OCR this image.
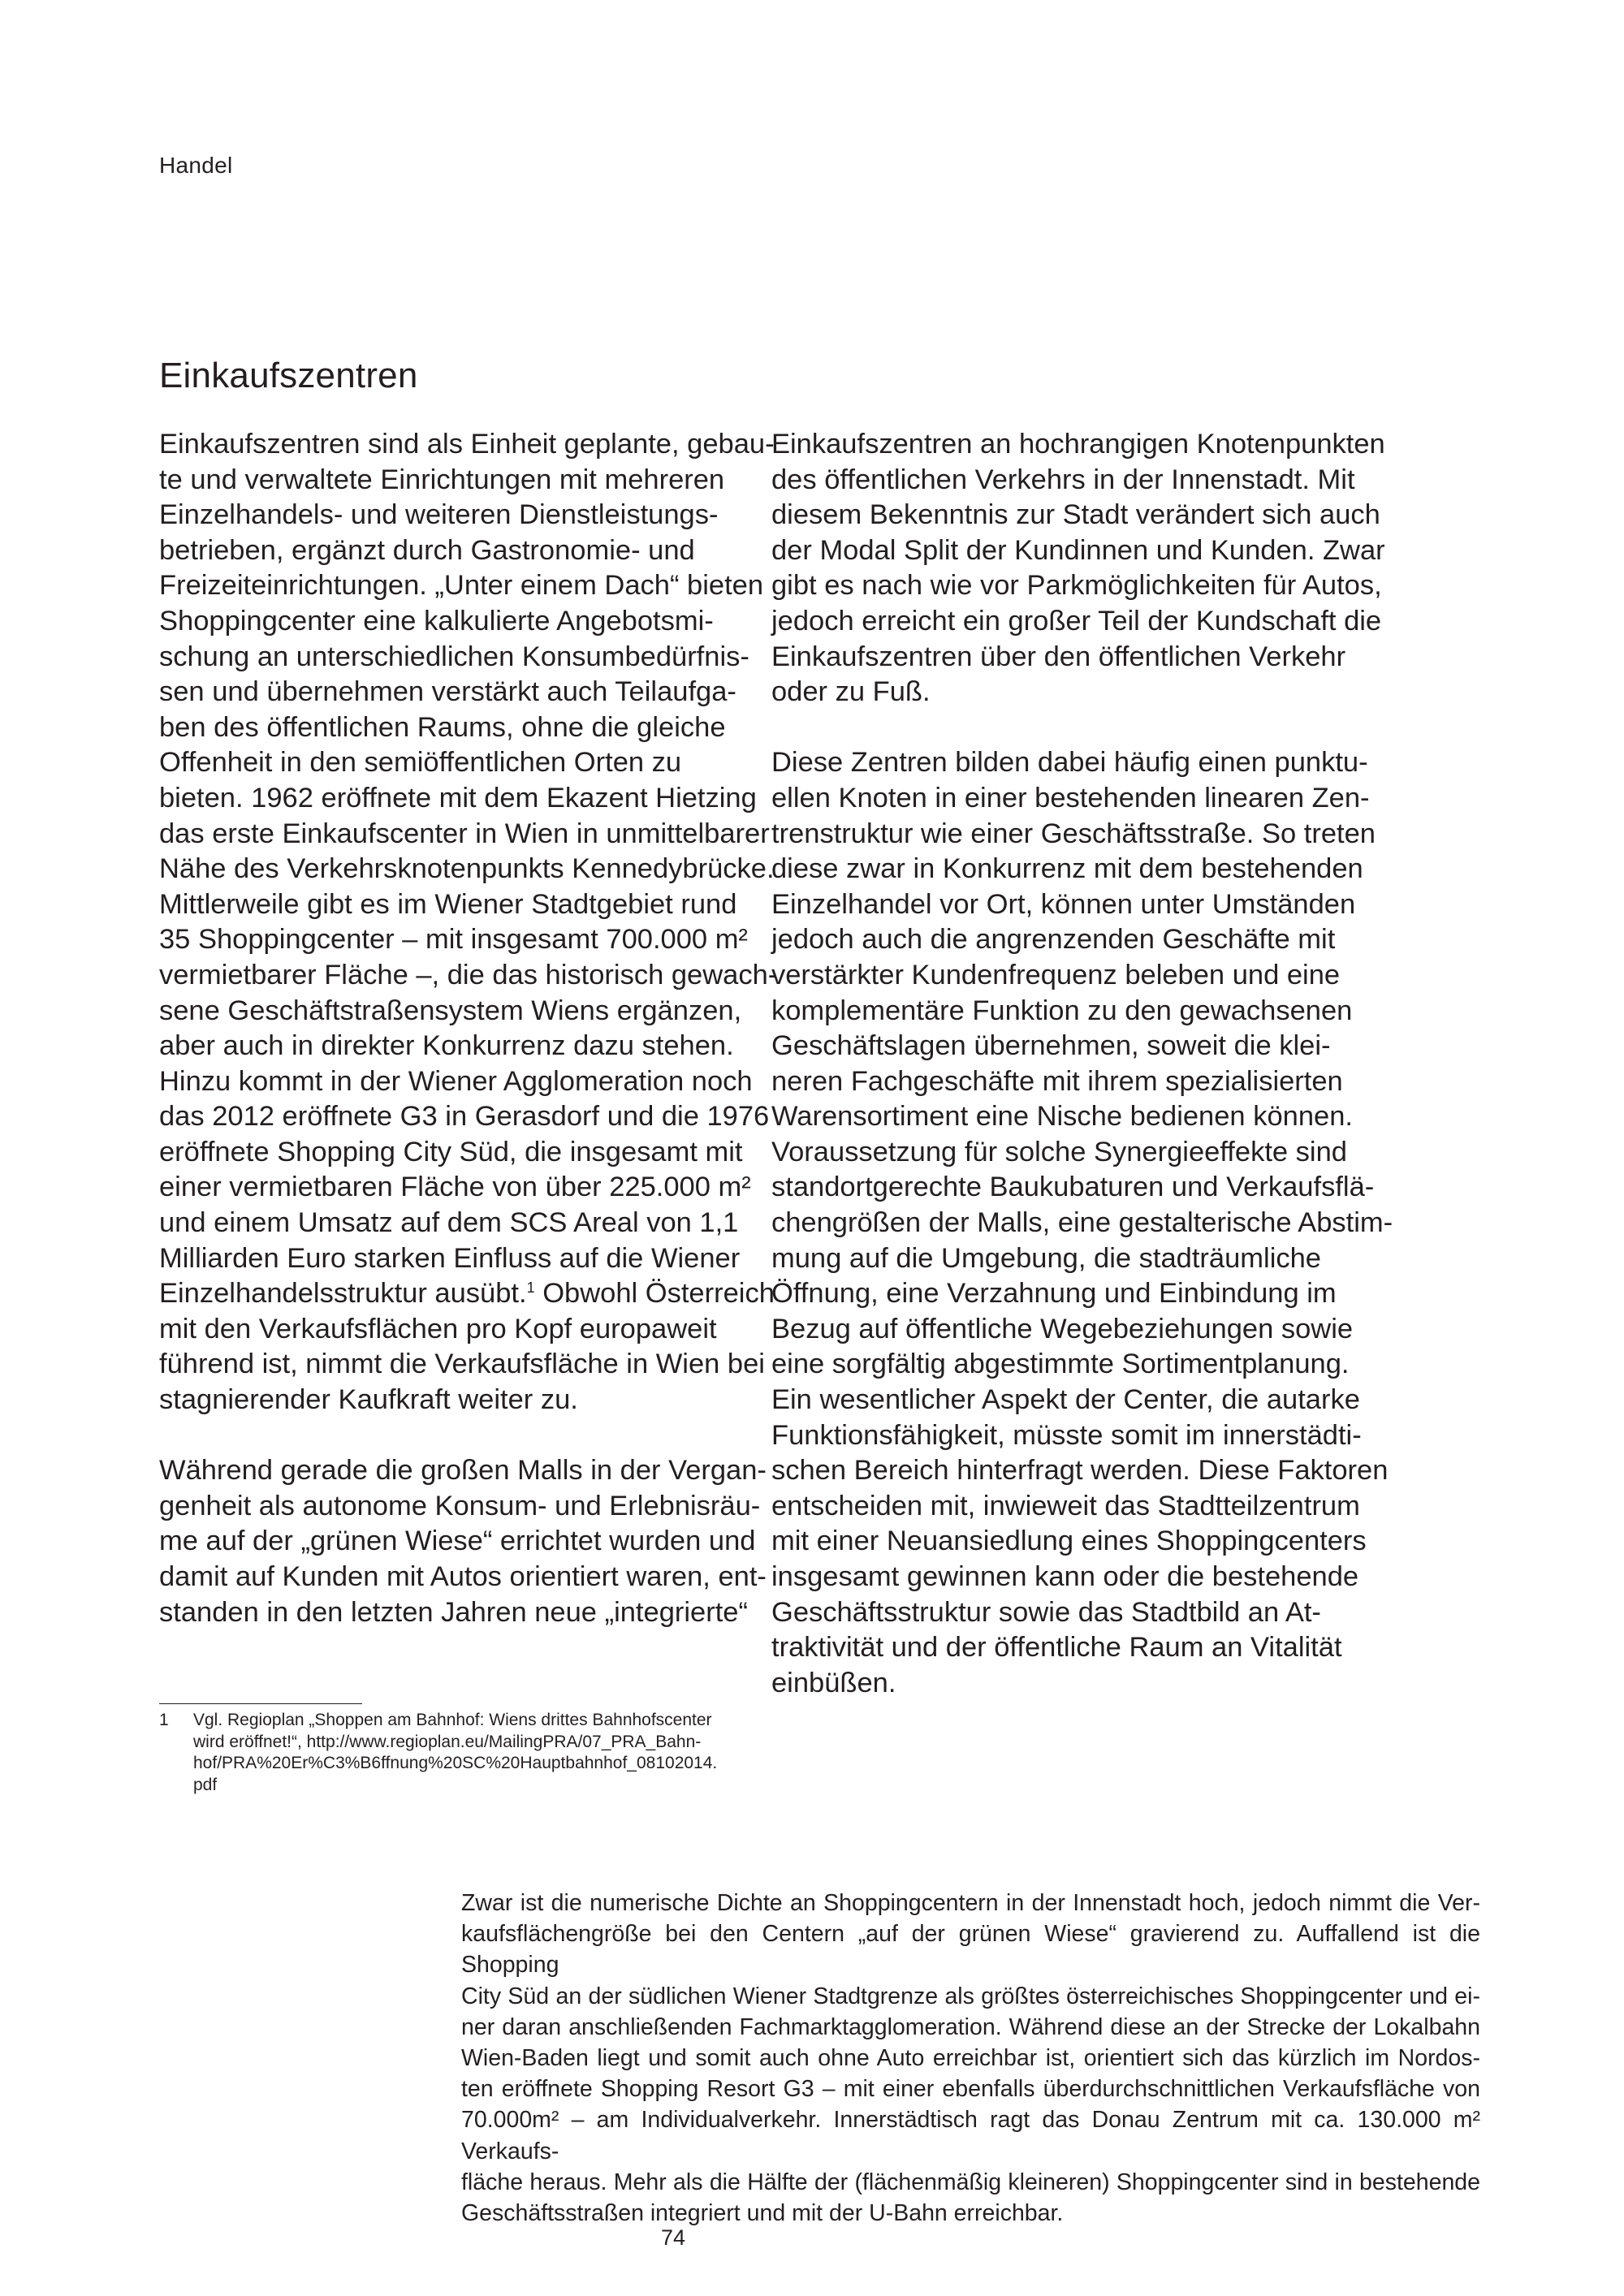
Handel
Einkaufszentren
Einkaufszentren sind als Einheit geplante, gebau-
te und verwaltete Einrichtungen mit mehreren
Einzelhandels- und weiteren Dienstleistungs-
betrieben, ergänzt durch Gastronomie- und
Freizeiteinrichtungen. „Unter einem Dach“ bieten
Shoppingcenter eine kalkulierte Angebotsmi-
schung an unterschiedlichen Konsumbedürfnis-
sen und übernehmen verstärkt auch Teilaufga-
ben des öffentlichen Raums, ohne die gleiche
Offenheit in den semiöffentlichen Orten zu
bieten. 1962 eröffnete mit dem Ekazent Hietzing
das erste Einkaufscenter in Wien in unmittelbarer
Nähe des Verkehrsknotenpunkts Kennedybrücke.
Mittlerweile gibt es im Wiener Stadtgebiet rund
35 Shoppingcenter – mit insgesamt 700.000 m²
vermietbarer Fläche –, die das historisch gewach-
sene Geschäftstraßensystem Wiens ergänzen,
aber auch in direkter Konkurrenz dazu stehen.
Hinzu kommt in der Wiener Agglomeration noch
das 2012 eröffnete G3 in Gerasdorf und die 1976
eröffnete Shopping City Süd, die insgesamt mit
einer vermietbaren Fläche von über 225.000 m²
und einem Umsatz auf dem SCS Areal von 1,1
Milliarden Euro starken Einfluss auf die Wiener
Einzelhandelsstruktur ausübt.$^1$ Obwohl Österreich
mit den Verkaufsflächen pro Kopf europaweit
führend ist, nimmt die Verkaufsfläche in Wien bei
stagnierender Kaufkraft weiter zu.
Während gerade die großen Malls in der Vergan-
genheit als autonome Konsum- und Erlebnisräu-
me auf der „grünen Wiese“ errichtet wurden und
damit auf Kunden mit Autos orientiert waren, ent-
standen in den letzten Jahren neue „integrierte“
Einkaufszentren an hochrangigen Knotenpunkten
des öffentlichen Verkehrs in der Innenstadt. Mit
diesem Bekenntnis zur Stadt verändert sich auch
der Modal Split der Kundinnen und Kunden. Zwar
gibt es nach wie vor Parkmöglichkeiten für Autos,
jedoch erreicht ein großer Teil der Kundschaft die
Einkaufszentren über den öffentlichen Verkehr
oder zu Fuß.
Diese Zentren bilden dabei häufig einen punktu-
ellen Knoten in einer bestehenden linearen Zen-
trenstruktur wie einer Geschäftsstraße. So treten
diese zwar in Konkurrenz mit dem bestehenden
Einzelhandel vor Ort, können unter Umständen
jedoch auch die angrenzenden Geschäfte mit
verstärkter Kundenfrequenz beleben und eine
komplementäre Funktion zu den gewachsenen
Geschäftslagen übernehmen, soweit die klei-
neren Fachgeschäfte mit ihrem spezialisierten
Warensortiment eine Nische bedienen können.
Voraussetzung für solche Synergieeffekte sind
standortgerechte Baukubaturen und Verkaufsflä-
chengrößen der Malls, eine gestalterische Abstim-
mung auf die Umgebung, die stadträumliche
Öffnung, eine Verzahnung und Einbindung im
Bezug auf öffentliche Wegebeziehungen sowie
eine sorgfältig abgestimmte Sortimentplanung.
Ein wesentlicher Aspekt der Center, die autarke
Funktionsfähigkeit, müsste somit im innerstädti-
schen Bereich hinterfragt werden. Diese Faktoren
entscheiden mit, inwieweit das Stadtteilzentrum
mit einer Neuansiedlung eines Shoppingcenters
insgesamt gewinnen kann oder die bestehende
Geschäftsstruktur sowie das Stadtbild an At-
traktivität und der öffentliche Raum an Vitalität
einbüßen.
1 Vgl. Regioplan „Shoppen am Bahnhof: Wiens drittes Bahnhofscenter
wird eröffnet!“, http://www.regioplan.eu/MailingPRA/07_PRA_Bahn-
hof/PRA%20Er%C3%B6ffnung%20SC%20Hauptbahnhof_08102014.
pdf
Zwar ist die numerische Dichte an Shoppingcentern in der Innenstadt hoch, jedoch nimmt die Ver-
kaufsflächengröße bei den Centern „auf der grünen Wiese“ gravierend zu. Auffallend ist die Shopping
City Süd an der südlichen Wiener Stadtgrenze als größtes österreichisches Shoppingcenter und ei-
ner daran anschließenden Fachmarktagglomeration. Während diese an der Strecke der Lokalbahn
Wien-Baden liegt und somit auch ohne Auto erreichbar ist, orientiert sich das kürzlich im Nordos-
ten eröffnete Shopping Resort G3 – mit einer ebenfalls überdurchschnittlichen Verkaufsfläche von
70.000m² – am Individualverkehr. Innerstädtisch ragt das Donau Zentrum mit ca. 130.000 m² Verkaufs-
fläche heraus. Mehr als die Hälfte der (flächenmäßig kleineren) Shoppingcenter sind in bestehende
Geschäftsstraßen integriert und mit der U-Bahn erreichbar.
74
